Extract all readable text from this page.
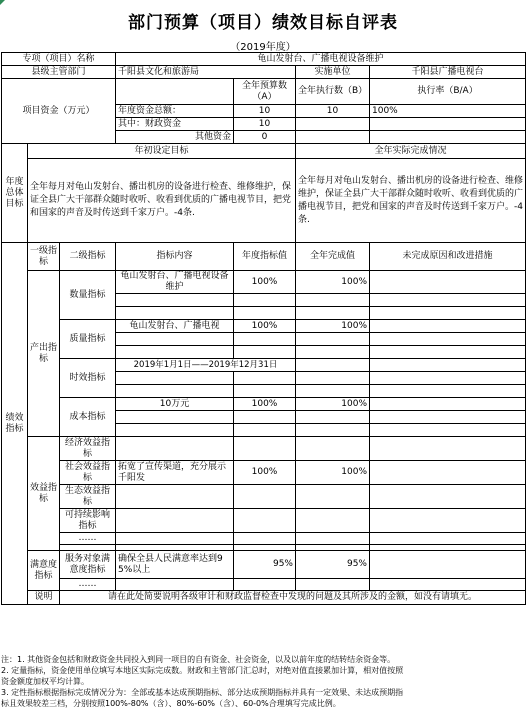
部门预算（项目）绩效目标自评表
（2019年度）
专项（项目）名称			龟山发射台、广播电视设备维护			
县级主管部门			千阳县文化和旅游局		实施单位	千阳县广播电视台
项目资金（万元）				全年预算数（A）	全年执行数（B）	执行率（B/A）
			年度资金总额：	10	10	100%
			其中：财政资金	10		
			其他资金	0		
年度总体目标	年初设定目标				全年实际完成情况	
	全年每月对龟山发射台、播出机房的设备进行检查、维修维护，保证全县广大干部群众随时收听、收看到优质的广播电视节目，把党和国家的声音及时传送到千家万户。-4条.				全年每月对龟山发射台、播出机房的设备进行检查、维修维护，保证全县广大干部群众随时收听、收看到优质的广播电视节目，把党和国家的声音及时传送到千家万户。-4条.	
绩效指标	一级指标	二级指标	指标内容	年度指标值	全年完成值	未完成原因和改进措施
	产出指标	数量指标	龟山发射台、广播电视设备维护	100%	100%	

		质量指标	龟山发射台、广播电视	100%	100%	

		时效指标	2019年1月1日——2019年12月31日			

		成本指标	10万元	100%	100%	

	效益指标	经济效益指标				
		社会效益指标	拓宽了宣传渠道，充分展示千阳发	100%	100%	
		生态效益指标				
		可持续影响指标				
		……				

	满意度指标	服务对象满意度指标	确保全县人民满意率达到95%以上	95%	95%	
		……				
	说明	请在此处简要说明各级审计和财政监督检查中发现的问题及其所涉及的金额，如没有请填无。				
注：1. 其他资金包括和财政资金共同投入到同一项目的自有资金、社会资金，以及以前年度的结转结余资金等。
2. 定量指标，资金使用单位填写本地区实际完成数。财政和主管部门汇总时，对绝对值直接累加计算，相对值按照
资金额度加权平均计算。
3. 定性指标根据指标完成情况分为：全部或基本达成预期指标、部分达成预期指标并具有一定效果、未达成预期指
标且效果较差三档，分别按照100%-80%（含）、80%-60%（含）、60-0%合理填写完成比例。
